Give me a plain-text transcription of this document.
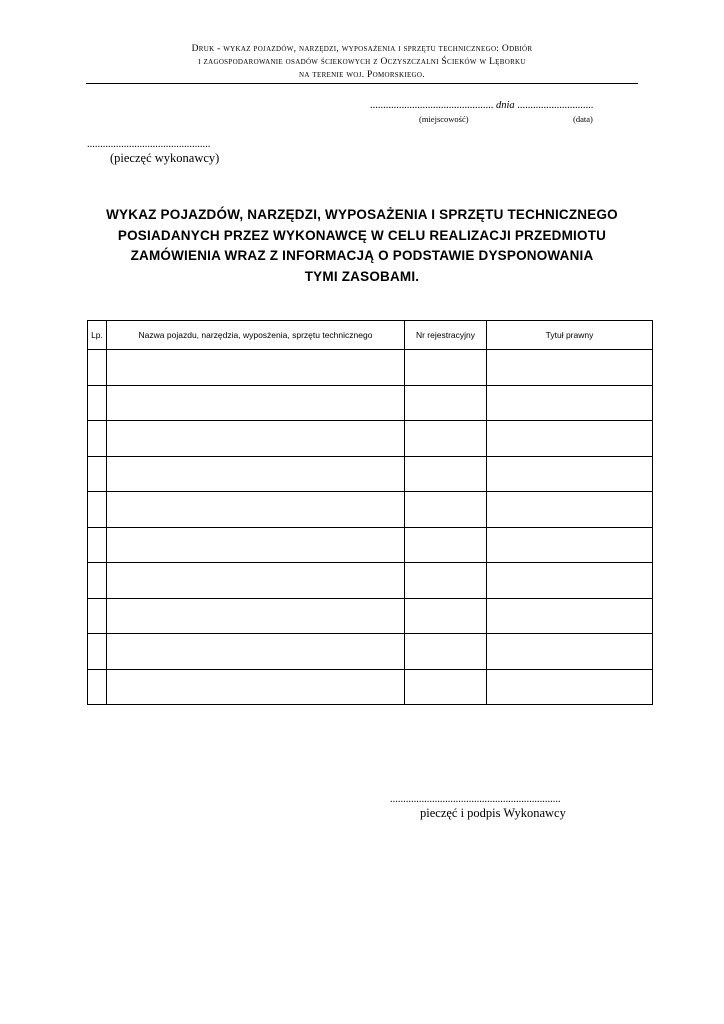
Druk - wykaz pojazdów, narzędzi, wyposażenia i sprzętu technicznego: Odbiór
i zagospodarowanie osadów ściekowych z Oczyszczalni Ścieków w Lęborku
na terenie woj. Pomorskiego.
............................................... dnia .............................
(miejscowość)	(data)
...............................................
(pieczęć wykonawcy)
WYKAZ POJAZDÓW, NARZĘDZI, WYPOSAŻENIA I SPRZĘTU TECHNICZNEGO
POSIADANYCH PRZEZ WYKONAWCĘ W CELU REALIZACJI PRZEDMIOTU
ZAMÓWIENIA WRAZ Z INFORMACJĄ O PODSTAWIE DYSPONOWANIA
TYMI ZASOBAMI.
Lp.	Nazwa pojazdu, narzędzia, wyposżenia, sprzętu technicznego	Nr rejestracyjny	Tytuł prawny

.................................................................
pieczęć i podpis Wykonawcy
